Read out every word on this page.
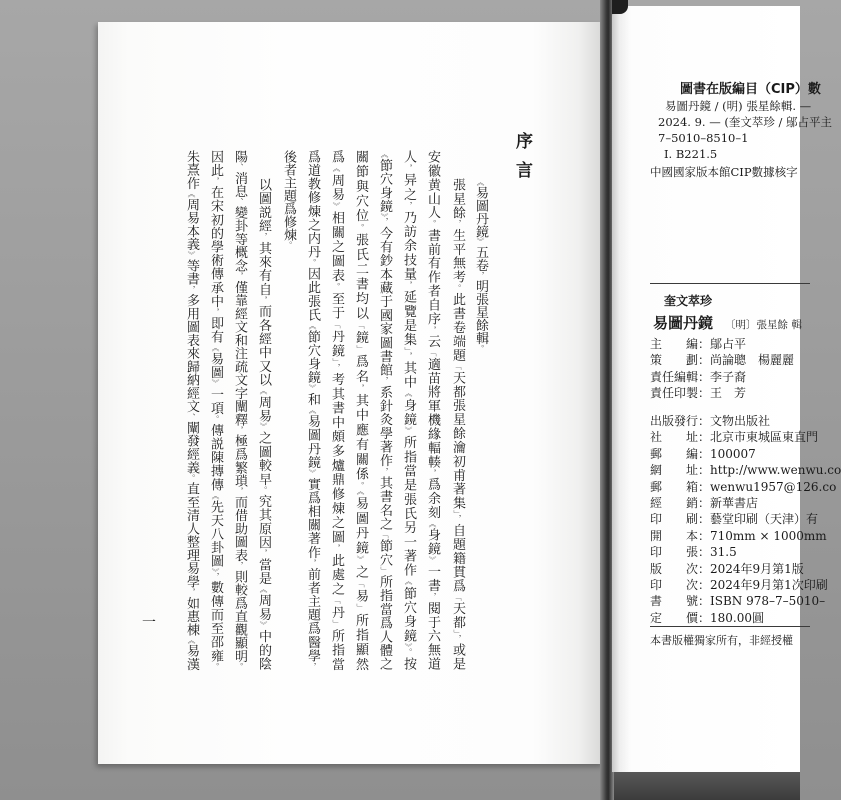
序言
《易圖丹鏡》五卷，明張星餘輯。
張星餘，生平無考。此書卷端題「天都張星餘瀹初甫著集」，自題籍貫爲「天都」，或是
安徽黄山人。書前有作者自序，云「適苗將軍機緣輻輳，爲余刻《身鏡》一書，閱于六無道
人，异之，乃訪余技量，延覽是集」，其中《身鏡》所指當是張氏另一著作《節穴身鏡》。按
《節穴身鏡》，今有鈔本藏于國家圖書館，系針灸學著作，其書名之「節穴」所指當爲人體之
關節與穴位。張氏二書均以「鏡」爲名，其中應有關係。《易圖丹鏡》之「易」所指顯然
爲《周易》相關之圖表。至于「丹鏡」，考其書中頗多爐鼎修煉之圖，此處之「丹」所指當
爲道教修煉之内丹。因此張氏《節穴身鏡》和《易圖丹鏡》實爲相關著作，前者主題爲醫學，
後者主題爲修煉。
以圖説經，其來有自，而各經中又以《周易》之圖較早。究其原因，當是《周易》中的陰
陽、消息、變卦等概念，僅靠經文和注疏文字闡釋，極爲繁瑣，而借助圖表，則較爲直觀顯明。
因此，在宋初的學術傳承中，即有《易圖》一項。傳説陳摶傳《先天八卦圖》，數傳而至邵雍。
朱熹作《周易本義》等書，多用圖表來歸納經文、闡發經義。直至清人整理易學，如惠棟《易漢
一
圖書在版編目（CIP）數
易圖丹鏡 / (明) 張星餘輯. —
2024. 9. — (奎文萃珍 / 鄔占平主
7–5010–8510–1
Ⅰ. B221.5
中國國家版本館CIP數據核字
奎文萃珍
易圖丹鏡 〔明〕張星餘 輯
主編：鄔占平
策劃：尚論聰　楊麗麗
責任編輯：李子裔
責任印製：王　芳
出版發行：文物出版社
社址：北京市東城區東直門
郵編：100007
網址：http://www.wenwu.co
郵箱：wenwu1957@126.co
經銷：新華書店
印刷：藝堂印刷（天津）有
開本：710mm × 1000mm
印張：31.5
版次：2024年9月第1版
印次：2024年9月第1次印刷
書號：ISBN 978–7–5010–
定價：180.00圓
本書版權獨家所有，非經授權
